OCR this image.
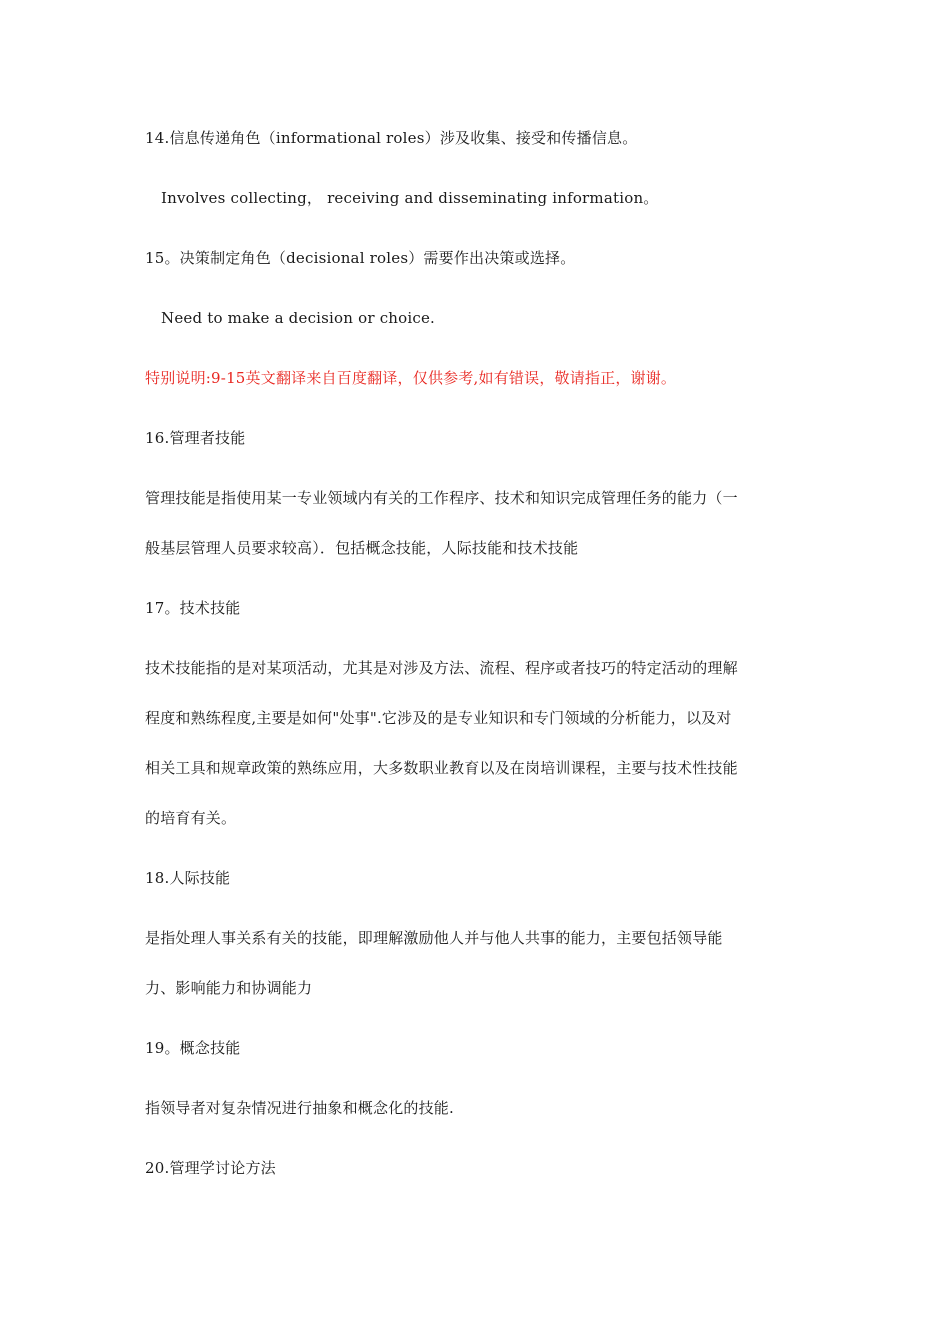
14.信息传递角色（informational roles）涉及收集、接受和传播信息。
Involves collecting， receiving and disseminating information。
15。决策制定角色（decisional roles）需要作出决策或选择。
Need to make a decision or choice.
特别说明:9-15英文翻译来自百度翻译，仅供参考,如有错误，敬请指正，谢谢。
16.管理者技能
管理技能是指使用某一专业领域内有关的工作程序、技术和知识完成管理任务的能力（一
般基层管理人员要求较高）．包括概念技能，人际技能和技术技能
17。技术技能
技术技能指的是对某项活动，尤其是对涉及方法、流程、程序或者技巧的特定活动的理解
程度和熟练程度,主要是如何"处事".它涉及的是专业知识和专门领域的分析能力，以及对
相关工具和规章政策的熟练应用，大多数职业教育以及在岗培训课程，主要与技术性技能
的培育有关。
18.人际技能
是指处理人事关系有关的技能，即理解激励他人并与他人共事的能力，主要包括领导能
力、影响能力和协调能力
19。概念技能
指领导者对复杂情况进行抽象和概念化的技能.
20.管理学讨论方法
